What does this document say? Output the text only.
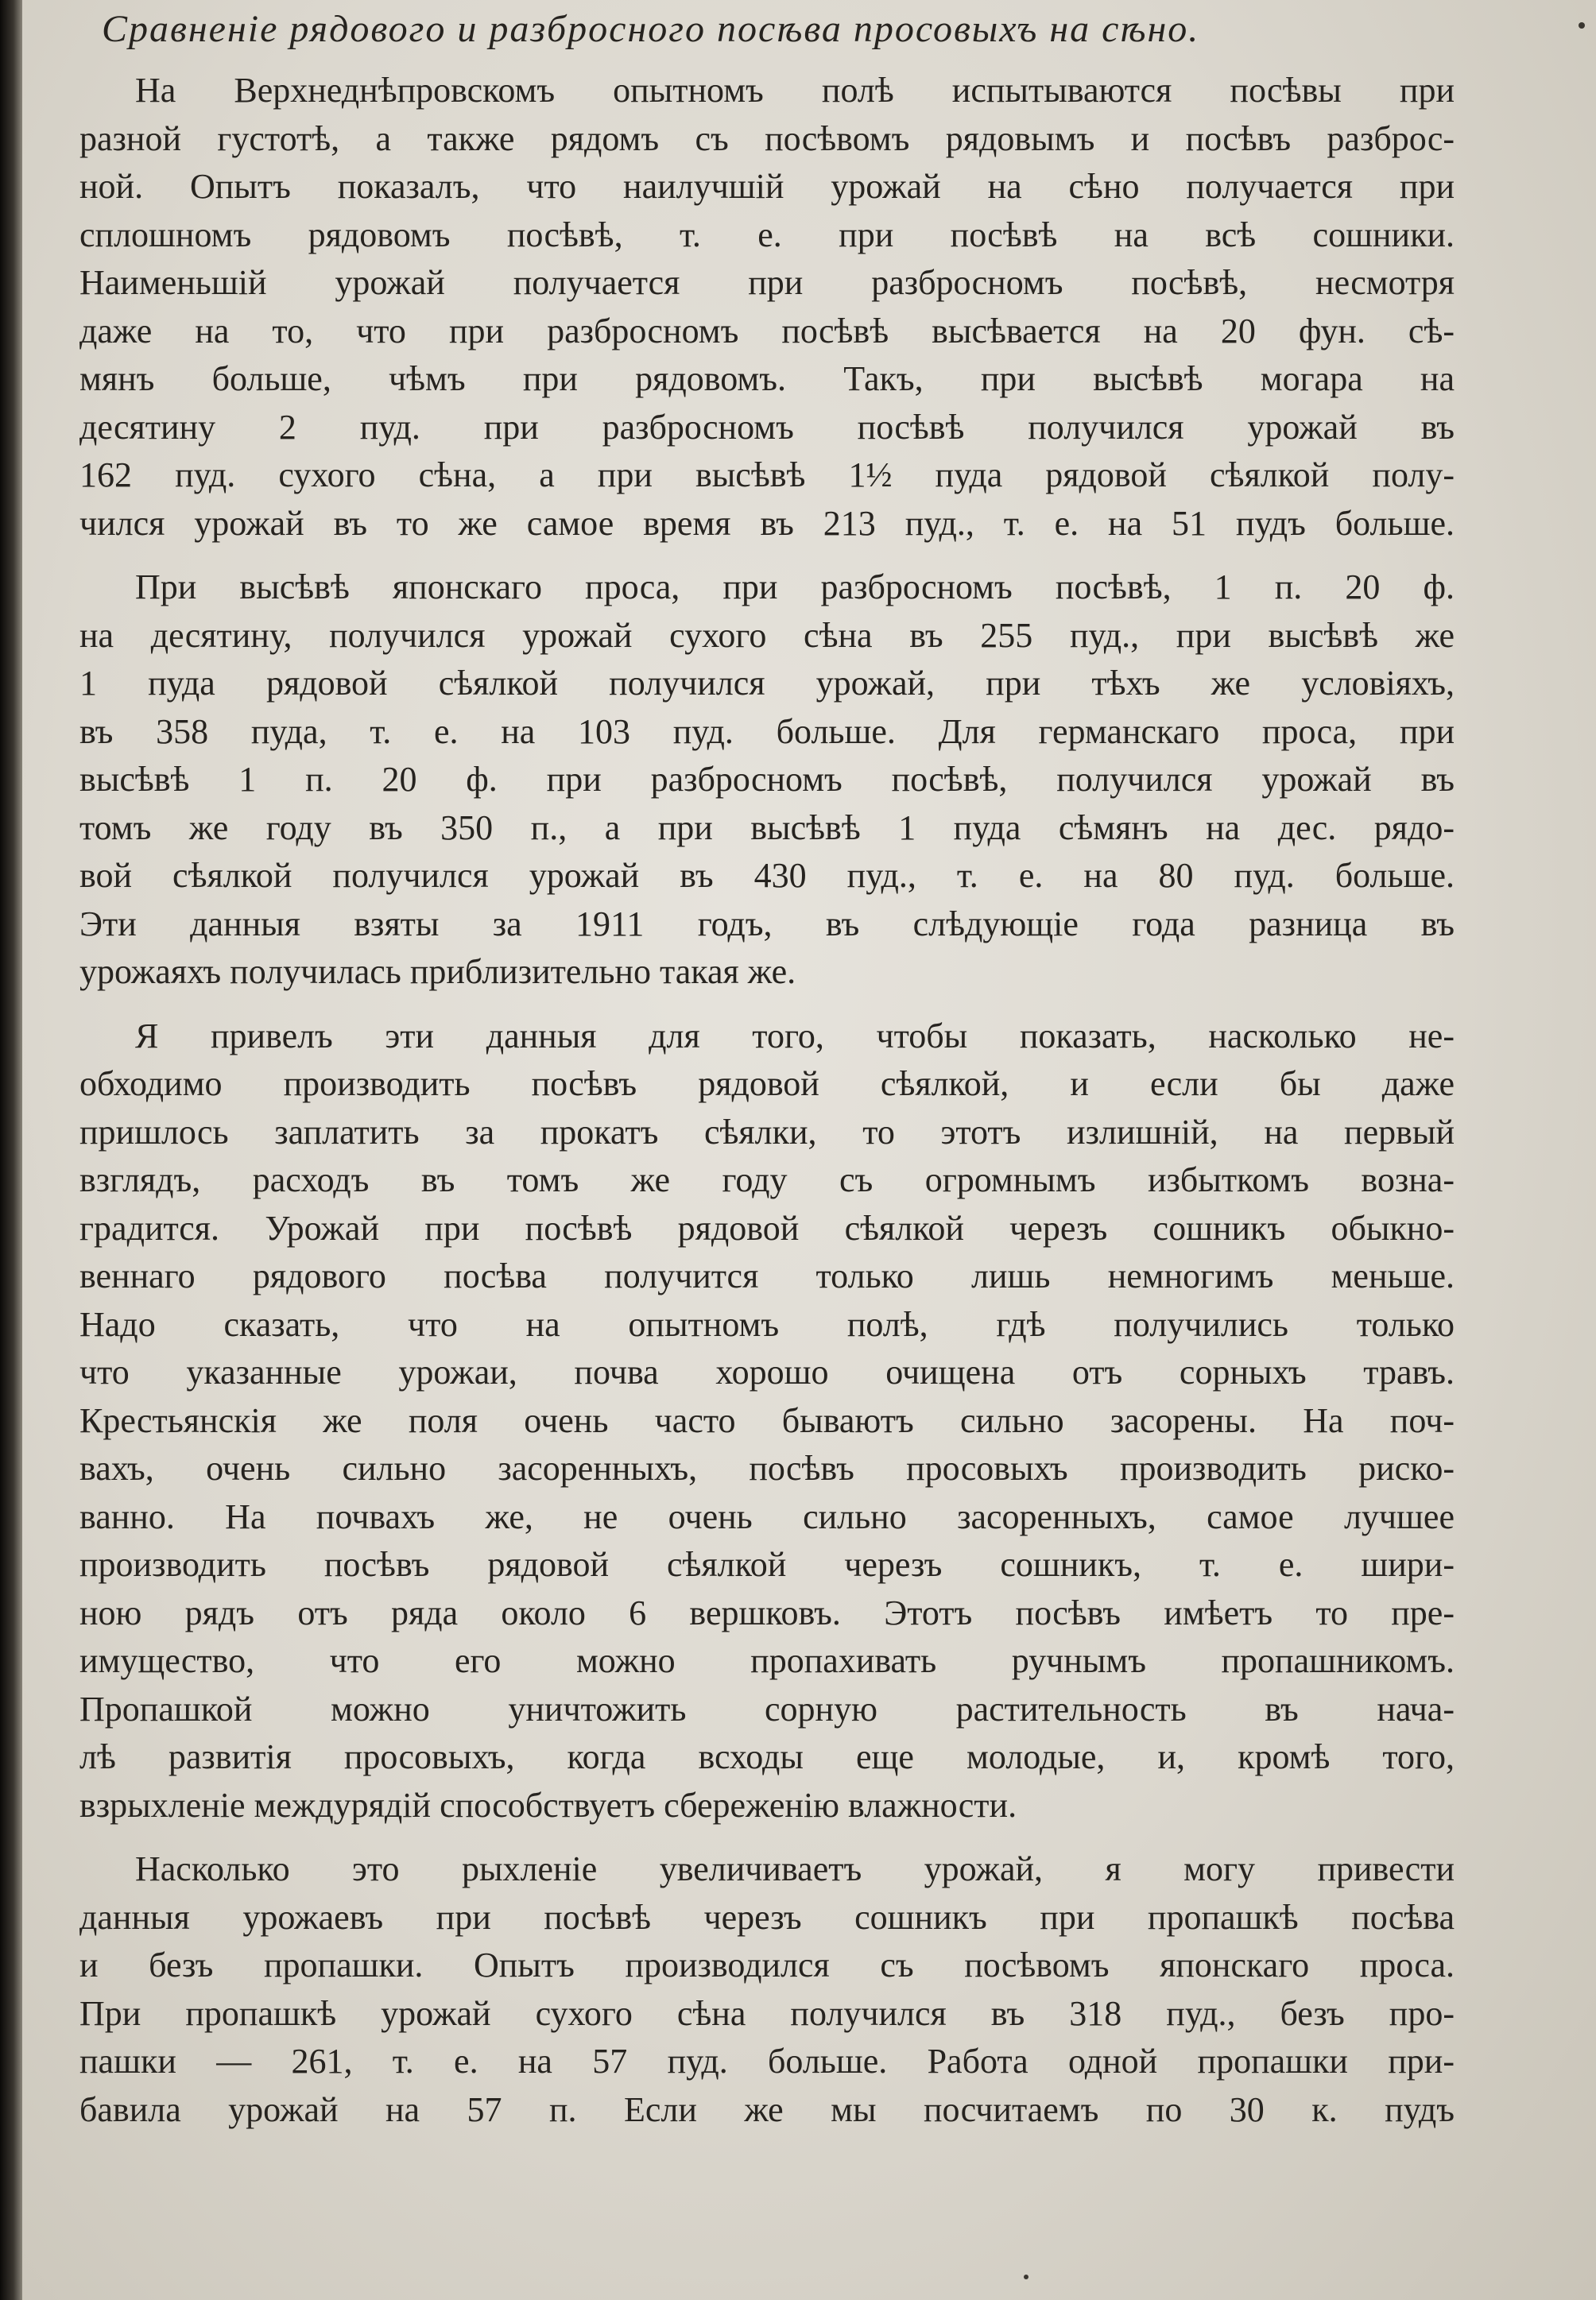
Сравненіе рядового и разбросного посѣва просовыхъ на сѣно.
На Верхнеднѣпровскомъ опытномъ полѣ испытываются посѣвы при
разной густотѣ, а также рядомъ съ посѣвомъ рядовымъ и посѣвъ разброс-
ной. Опытъ показалъ, что наилучшій урожай на сѣно получается при
сплошномъ рядовомъ посѣвѣ, т. е. при посѣвѣ на всѣ сошники.
Наименьшій урожай получается при разбросномъ посѣвѣ, несмотря
даже на то, что при разбросномъ посѣвѣ высѣвается на 20 фун. сѣ-
мянъ больше, чѣмъ при рядовомъ. Такъ, при высѣвѣ могара на
десятину 2 пуд. при разбросномъ посѣвѣ получился урожай въ
162 пуд. сухого сѣна, а при высѣвѣ 1½ пуда рядовой сѣялкой полу-
чился урожай въ то же самое время въ 213 пуд., т. е. на 51 пудъ больше.
При высѣвѣ японскаго проса, при разбросномъ посѣвѣ, 1 п. 20 ф.
на десятину, получился урожай сухого сѣна въ 255 пуд., при высѣвѣ же
1 пуда рядовой сѣялкой получился урожай, при тѣхъ же условіяхъ,
въ 358 пуда, т. е. на 103 пуд. больше. Для германскаго проса, при
высѣвѣ 1 п. 20 ф. при разбросномъ посѣвѣ, получился урожай въ
томъ же году въ 350 п., а при высѣвѣ 1 пуда сѣмянъ на дес. рядо-
вой сѣялкой получился урожай въ 430 пуд., т. е. на 80 пуд. больше.
Эти данныя взяты за 1911 годъ, въ слѣдующіе года разница въ
урожаяхъ получилась приблизительно такая же.
Я привелъ эти данныя для того, чтобы показать, насколько не-
обходимо производить посѣвъ рядовой сѣялкой, и если бы даже
пришлось заплатить за прокатъ сѣялки, то этотъ излишній, на первый
взглядъ, расходъ въ томъ же году съ огромнымъ избыткомъ возна-
градится. Урожай при посѣвѣ рядовой сѣялкой черезъ сошникъ обыкно-
веннаго рядового посѣва получится только лишь немногимъ меньше.
Надо сказать, что на опытномъ полѣ, гдѣ получились только
что указанные урожаи, почва хорошо очищена отъ сорныхъ травъ.
Крестьянскія же поля очень часто бываютъ сильно засорены. На поч-
вахъ, очень сильно засоренныхъ, посѣвъ просовыхъ производить риско-
ванно. На почвахъ же, не очень сильно засоренныхъ, самое лучшее
производить посѣвъ рядовой сѣялкой черезъ сошникъ, т. е. шири-
ною рядъ отъ ряда около 6 вершковъ. Этотъ посѣвъ имѣетъ то пре-
имущество, что его можно пропахивать ручнымъ пропашникомъ.
Пропашкой можно уничтожить сорную растительность въ нача-
лѣ развитія просовыхъ, когда всходы еще молодые, и, кромѣ того,
взрыхленіе междурядій способствуетъ сбереженію влажности.
Насколько это рыхленіе увеличиваетъ урожай, я могу привести
данныя урожаевъ при посѣвѣ черезъ сошникъ при пропашкѣ посѣва
и безъ пропашки. Опытъ производился съ посѣвомъ японскаго проса.
При пропашкѣ урожай сухого сѣна получился въ 318 пуд., безъ про-
пашки — 261, т. е. на 57 пуд. больше. Работа одной пропашки при-
бавила урожай на 57 п. Если же мы посчитаемъ по 30 к. пудъ
